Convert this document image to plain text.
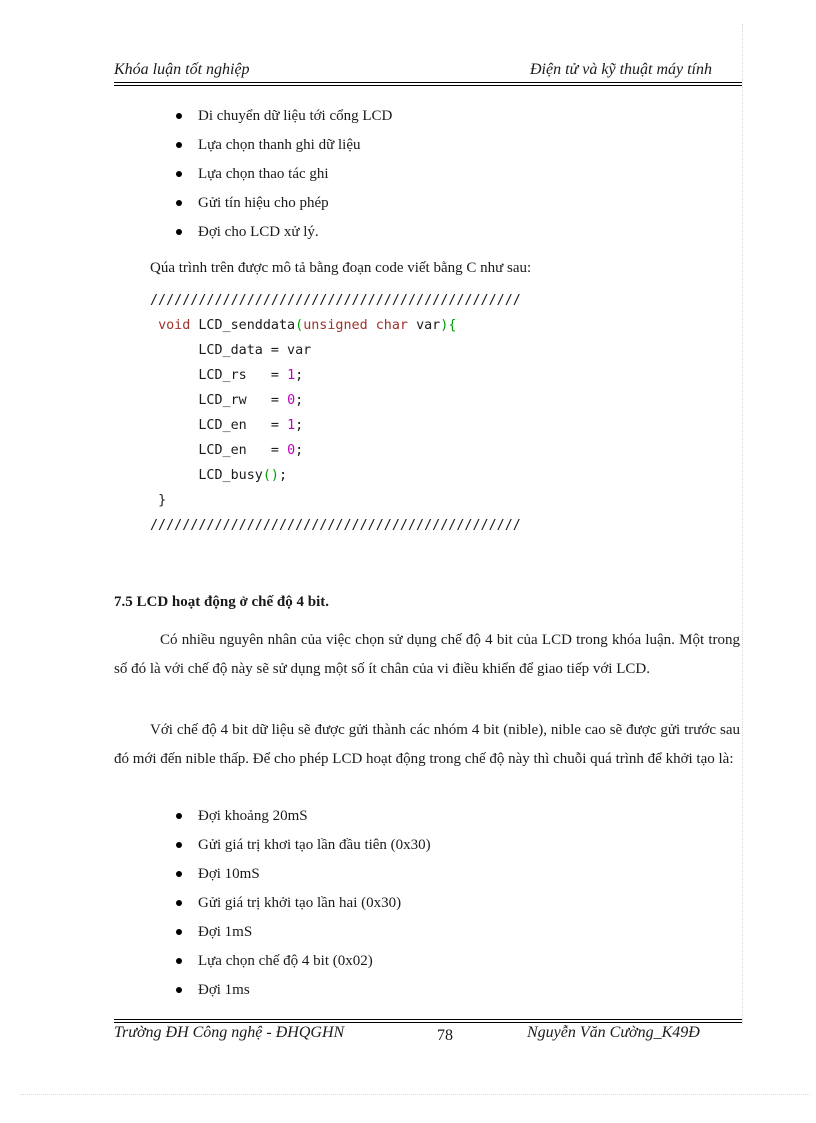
Khóa luận tốt nghiệp	Điện tử và kỹ thuật máy tính
Di chuyển dữ liệu tới cổng LCD
Lựa chọn thanh ghi dữ liệu
Lựa chọn thao tác ghi
Gửi tín hiệu cho phép
Đợi cho LCD xử lý.
Qúa trình trên được mô tả bằng đoạn code viết bằng C như sau:
//////////////////////////////////////////////
void LCD_senddata(unsigned char var){
LCD_data = var
LCD_rs   = 1;
LCD_rw   = 0;
LCD_en   = 1;
LCD_en   = 0;
LCD_busy();
}
//////////////////////////////////////////////
7.5 LCD hoạt động ở chế độ 4 bit.

Có nhiều nguyên nhân của việc chọn sử dụng chế độ 4 bit của LCD trong khóa luận. Một trong số đó là với chế độ này sẽ sử dụng một số ít chân của vi điều khiển để giao tiếp với LCD.

Với chế độ 4 bit dữ liệu sẽ được gửi thành các nhóm 4 bit (nible), nible cao sẽ được gửi trước sau đó mới đến nible thấp. Để cho phép LCD hoạt động trong chế độ này thì chuỗi quá trình để khởi tạo là:

Đợi khoảng 20mS
Gửi giá trị khơi tạo lần đầu tiên (0x30)
Đợi 10mS
Gửi giá trị khởi tạo lần hai (0x30)
Đợi 1mS
Lựa chọn chế độ 4 bit (0x02)
Đợi 1ms
Trường ĐH Công nghệ - ĐHQGHN	78	Nguyễn Văn Cường_K49Đ
